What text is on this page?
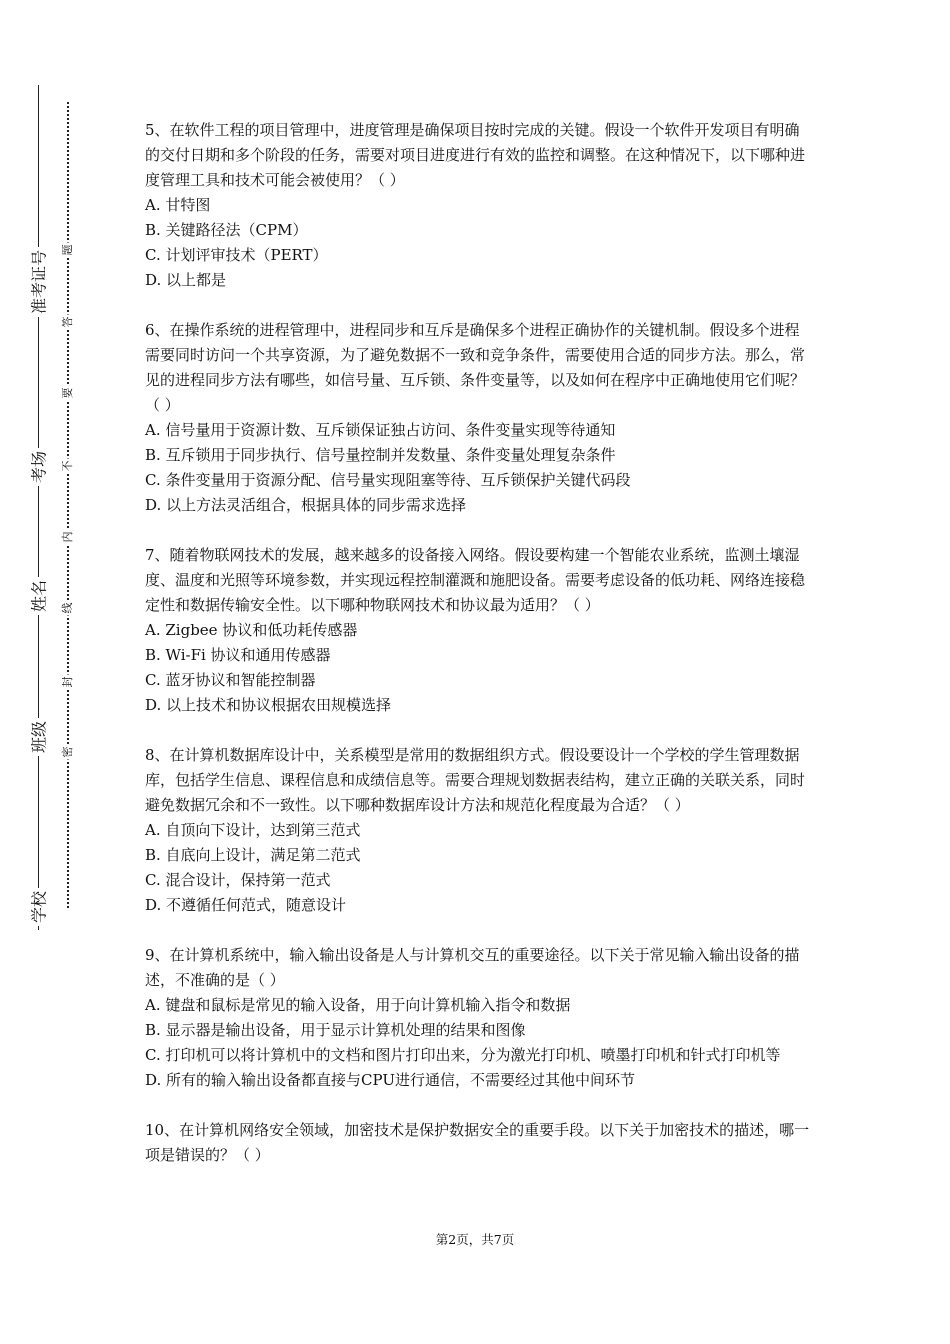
准考证号
考场
姓名
班级
学校
题
答
要
不
内
线
封
密

5、在软件工程的项目管理中，进度管理是确保项目按时完成的关键。假设一个软件开发项目有明确的交付日期和多个阶段的任务，需要对项目进度进行有效的监控和调整。在这种情况下，以下哪种进度管理工具和技术可能会被使用？（ ）

A. 甘特图

B. 关键路径法（CPM）

C. 计划评审技术（PERT）

D. 以上都是

6、在操作系统的进程管理中，进程同步和互斥是确保多个进程正确协作的关键机制。假设多个进程需要同时访问一个共享资源，为了避免数据不一致和竞争条件，需要使用合适的同步方法。那么，常见的进程同步方法有哪些，如信号量、互斥锁、条件变量等，以及如何在程序中正确地使用它们呢？（ ）

A. 信号量用于资源计数、互斥锁保证独占访问、条件变量实现等待通知

B. 互斥锁用于同步执行、信号量控制并发数量、条件变量处理复杂条件

C. 条件变量用于资源分配、信号量实现阻塞等待、互斥锁保护关键代码段

D. 以上方法灵活组合，根据具体的同步需求选择

7、随着物联网技术的发展，越来越多的设备接入网络。假设要构建一个智能农业系统，监测土壤湿度、温度和光照等环境参数，并实现远程控制灌溉和施肥设备。需要考虑设备的低功耗、网络连接稳定性和数据传输安全性。以下哪种物联网技术和协议最为适用？（ ）

A. Zigbee 协议和低功耗传感器

B. Wi-Fi 协议和通用传感器

C. 蓝牙协议和智能控制器

D. 以上技术和协议根据农田规模选择

8、在计算机数据库设计中，关系模型是常用的数据组织方式。假设要设计一个学校的学生管理数据库，包括学生信息、课程信息和成绩信息等。需要合理规划数据表结构，建立正确的关联关系，同时避免数据冗余和不一致性。以下哪种数据库设计方法和规范化程度最为合适？（ ）

A. 自顶向下设计，达到第三范式

B. 自底向上设计，满足第二范式

C. 混合设计，保持第一范式

D. 不遵循任何范式，随意设计

9、在计算机系统中，输入输出设备是人与计算机交互的重要途径。以下关于常见输入输出设备的描述，不准确的是（ ）

A. 键盘和鼠标是常见的输入设备，用于向计算机输入指令和数据

B. 显示器是输出设备，用于显示计算机处理的结果和图像

C. 打印机可以将计算机中的文档和图片打印出来，分为激光打印机、喷墨打印机和针式打印机等

D. 所有的输入输出设备都直接与CPU进行通信，不需要经过其他中间环节

10、在计算机网络安全领域，加密技术是保护数据安全的重要手段。以下关于加密技术的描述，哪一项是错误的？（ ）

第2页，共7页
